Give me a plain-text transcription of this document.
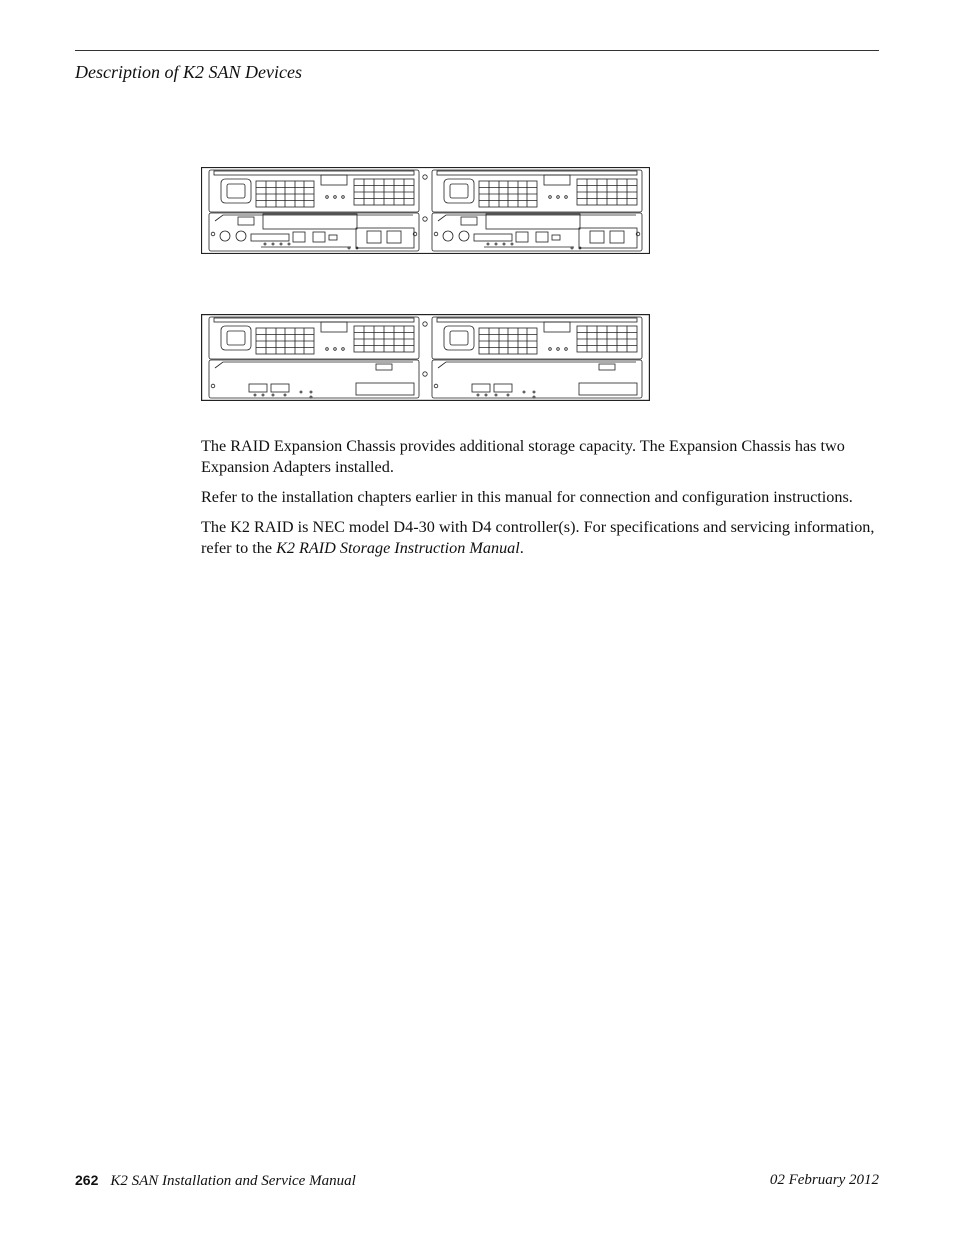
Description of K2 SAN Devices

The RAID Expansion Chassis provides additional storage capacity. The Expansion Chassis has two Expansion Adapters installed.

Refer to the installation chapters earlier in this manual for connection and configuration instructions.

The K2 RAID is NEC model D4-30 with D4 controller(s). For specifications and servicing information, refer to the K2 RAID Storage Instruction Manual.

262 K2 SAN Installation and Service Manual	02 February 2012
